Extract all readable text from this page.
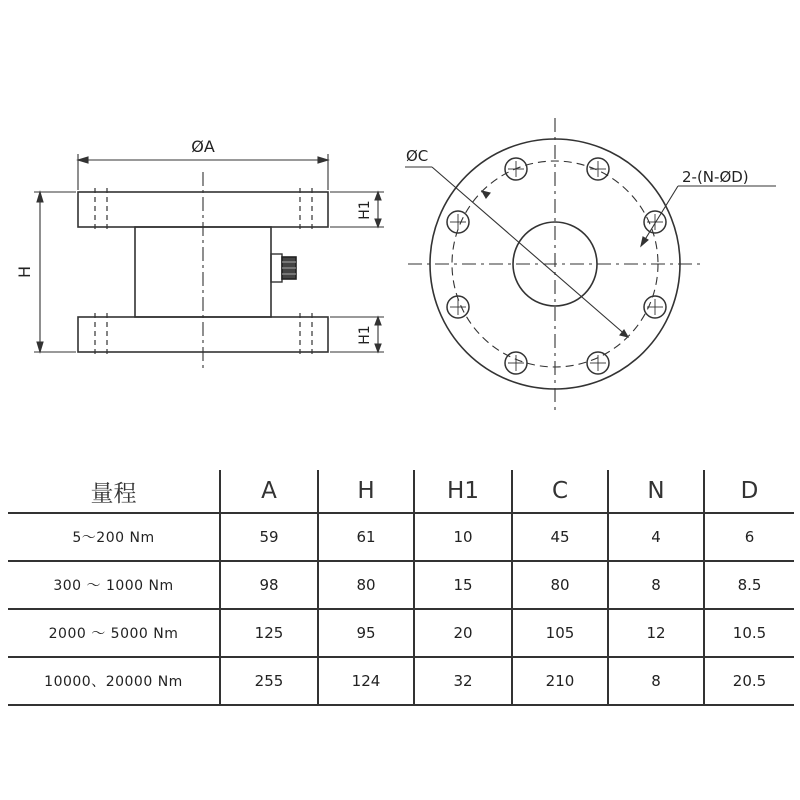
ØA
H
H1
H1
ØC
2-(N-ØD)
量程	A	H	H1	C	N	D
5～200 Nm	59	61	10	45	4	6
300 ～ 1000 Nm	98	80	15	80	8	8.5
2000 ～ 5000 Nm	125	95	20	105	12	10.5
10000、20000 Nm	255	124	32	210	8	20.5
